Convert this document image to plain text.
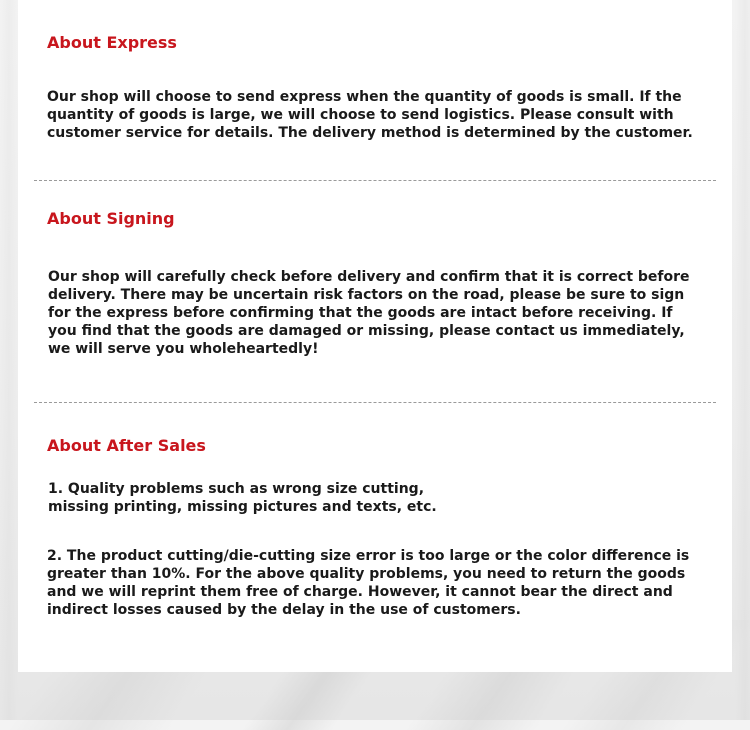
About Express

Our shop will choose to send express when the quantity of goods is small. If the quantity of goods is large, we will choose to send logistics. Please consult with customer service for details. The delivery method is determined by the customer.

About Signing

Our shop will carefully check before delivery and confirm that it is correct before delivery. There may be uncertain risk factors on the road, please be sure to sign for the express before confirming that the goods are intact before receiving. If you find that the goods are damaged or missing, please contact us immediately, we will serve you wholeheartedly!

About After Sales

1. Quality problems such as wrong size cutting,
missing printing, missing pictures and texts, etc.

2. The product cutting/die-cutting size error is too large or the color difference is greater than 10%. For the above quality problems, you need to return the goods and we will reprint them free of charge. However, it cannot bear the direct and indirect losses caused by the delay in the use of customers.
